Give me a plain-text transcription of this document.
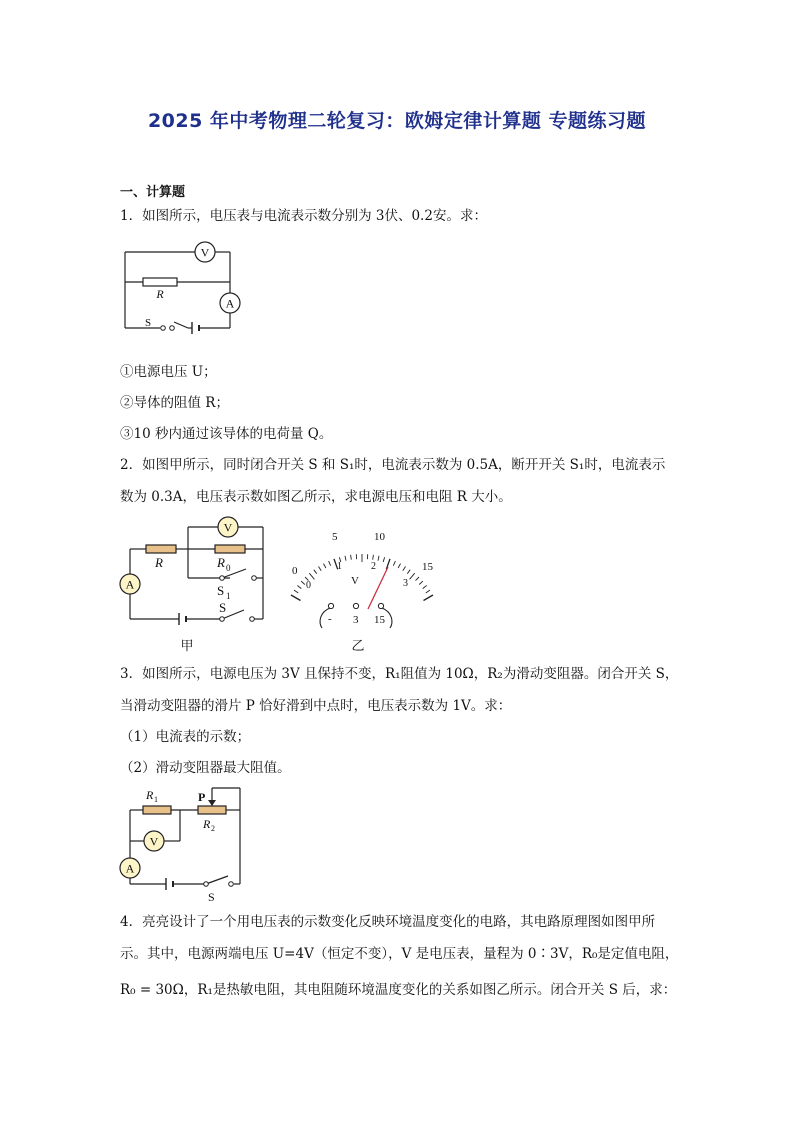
2025 年中考物理二轮复习：欧姆定律计算题 专题练习题
一、计算题
1．如图所示，电压表与电流表示数分别为 3伏、0.2安。求：
V
R
A
S
①电源电压 U；
②导体的阻值 R；
③10 秒内通过该导体的电荷量 Q。
2．如图甲所示，同时闭合开关 S 和 S₁时，电流表示数为 0.5A，断开开关 S₁时，电流表示
数为 0.3A，电压表示数如图乙所示，求电源电压和电阻 R 大小。
V
A
R	R 0
S 1
S
甲
0
5	10
15
0
1	2
3
V
- 3 15
乙
3．如图所示，电源电压为 3V 且保持不变，R₁阻值为 10Ω，R₂为滑动变阻器。闭合开关 S，
当滑动变阻器的滑片 P 恰好滑到中点时，电压表示数为 1V。求：
（1）电流表的示数；
（2）滑动变阻器最大阻值。
R 1	P
R 2
V
A
S
4．亮亮设计了一个用电压表的示数变化反映环境温度变化的电路，其电路原理图如图甲所
示。其中，电源两端电压 U=4V（恒定不变），V 是电压表，量程为 0∶3V，R₀是定值电阻，
R₀ = 30Ω，R₁是热敏电阻，其电阻随环境温度变化的关系如图乙所示。闭合开关 S 后，求：
